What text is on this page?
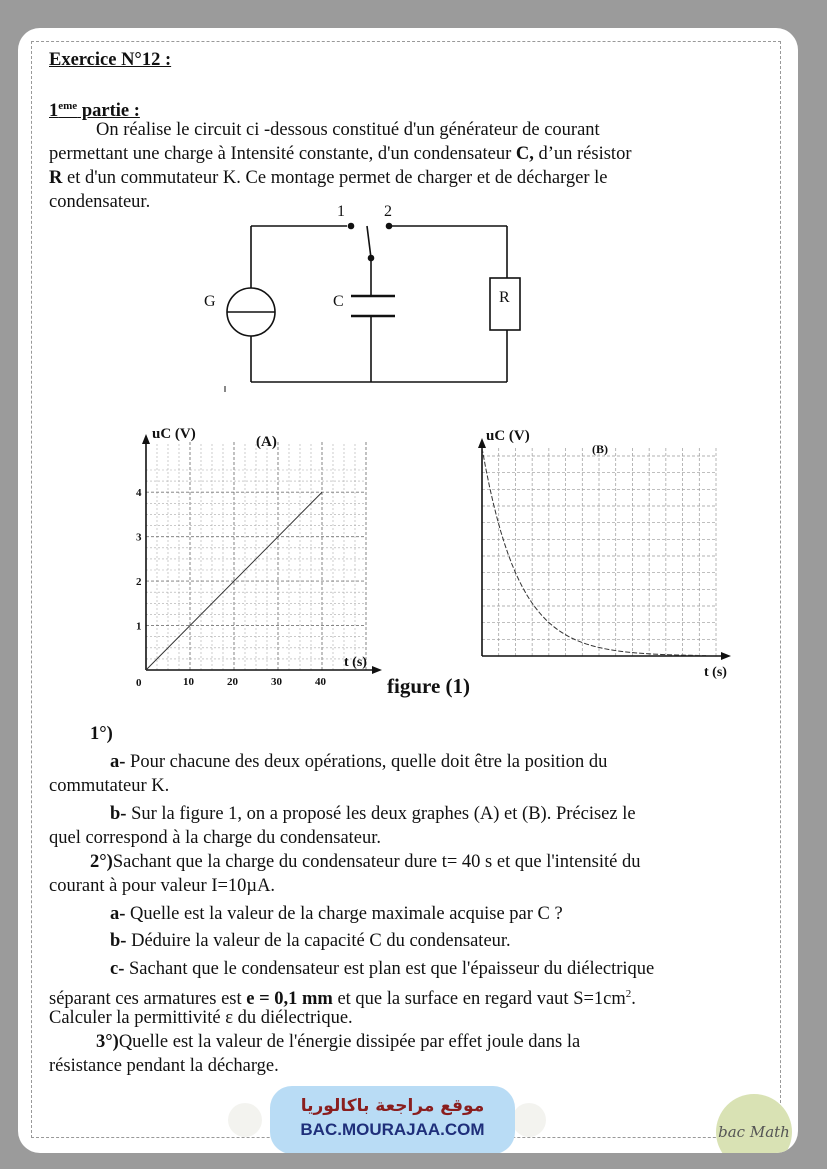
Exercice N°12 :
1eme partie :
On réalise le circuit ci -dessous constitué d'un générateur de courant
permettant une charge à Intensité constante, d'un condensateur C, d’un résistor
R et d'un commutateur K. Ce montage permet de charger et de décharger le
condensateur.	1 2
G	C	R
10	20	30	40
1
2
3
4
uC (V)	(A)
t (s)
0
uC (V)
(B)
t (s)
figure (1)
1°)
a- Pour chacune des deux opérations, quelle doit être la position du
commutateur K.
b- Sur la figure 1, on a proposé les deux graphes (A) et (B). Précisez le
quel correspond à la charge du condensateur.
2°)Sachant que la charge du condensateur dure t= 40 s et que l'intensité du
courant à pour valeur I=10µA.
a- Quelle est la valeur de la charge maximale acquise par C ?
b- Déduire la valeur de la capacité C du condensateur.
c- Sachant que le condensateur est plan est que l'épaisseur du diélectrique
séparant ces armatures est e = 0,1 mm et que la surface en regard vaut $S=1cm^2$.
Calculer la permittivité ε du diélectrique.
3°)Quelle est la valeur de l'énergie dissipée par effet joule dans la
résistance pendant la décharge.
موقع مراجعة باكالوريا
BAC.MOURAJAA.COM	bac Math
